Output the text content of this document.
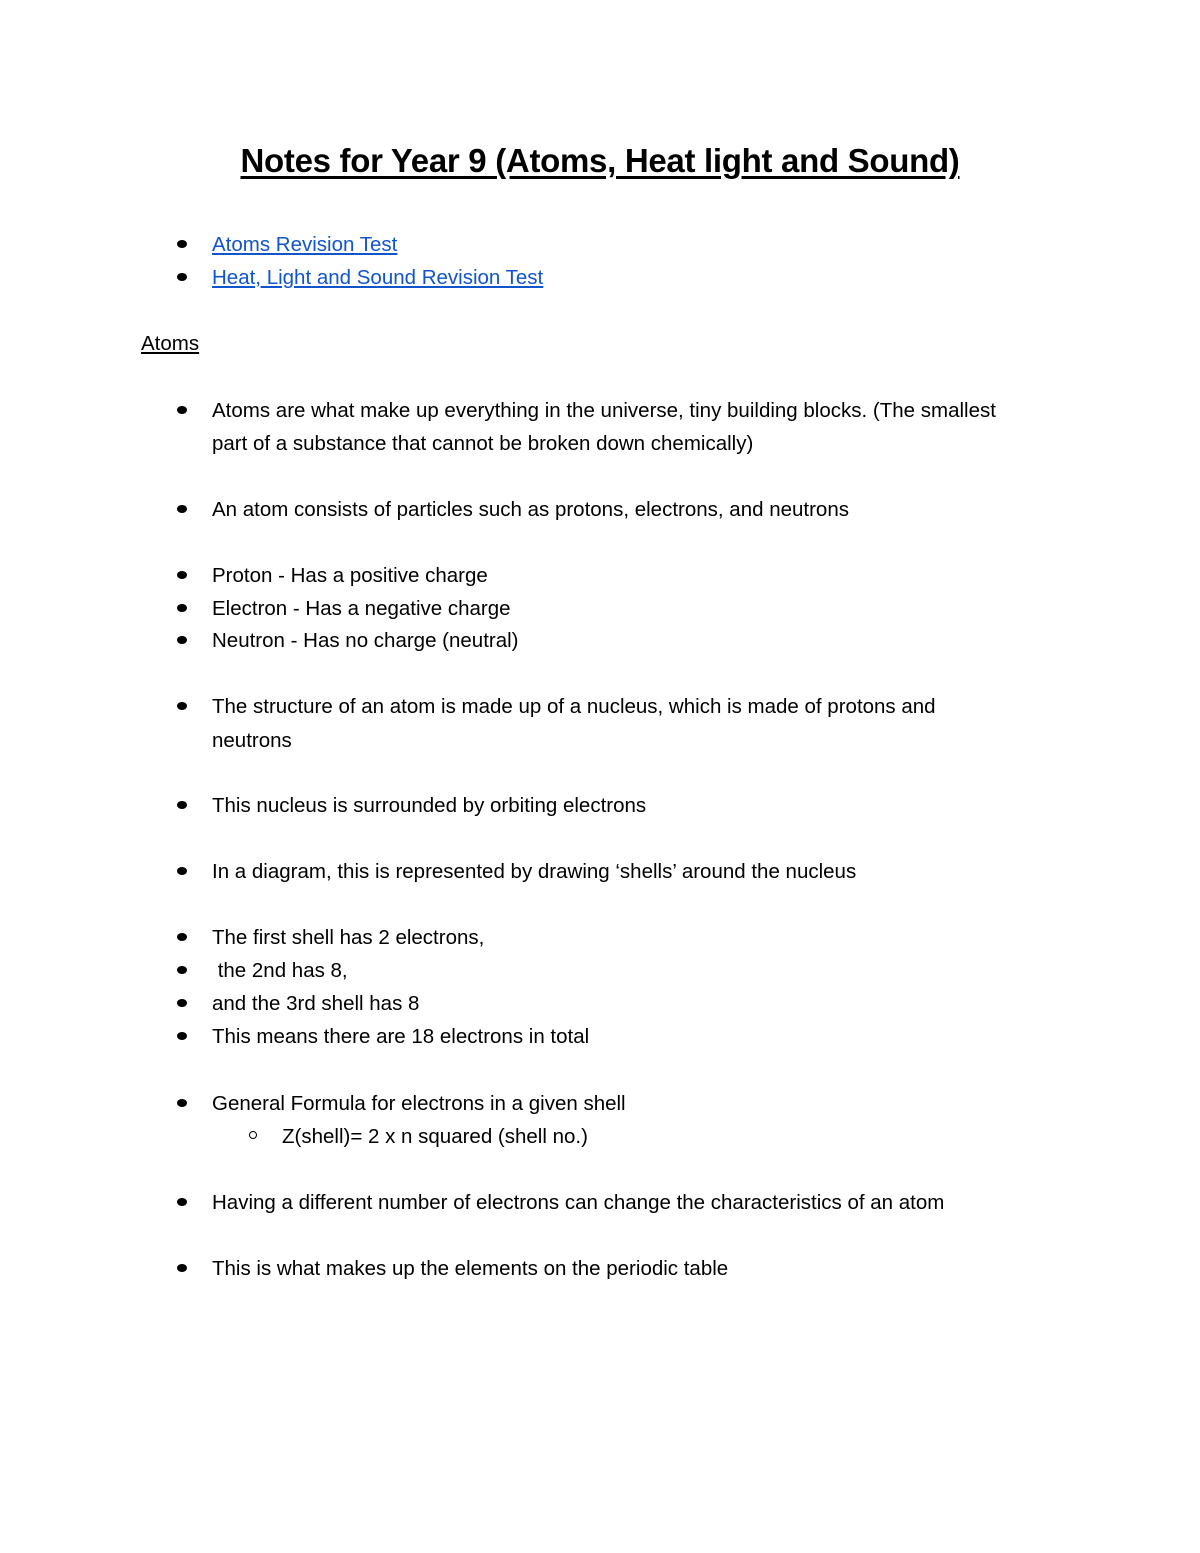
Notes for Year 9 (Atoms, Heat light and Sound)
Atoms Revision Test
Heat, Light and Sound Revision Test
Atoms
Atoms are what make up everything in the universe, tiny building blocks. (The smallest
part of a substance that cannot be broken down chemically)
An atom consists of particles such as protons, electrons, and neutrons
Proton - Has a positive charge
Electron - Has a negative charge
Neutron - Has no charge (neutral)
The structure of an atom is made up of a nucleus, which is made of protons and
neutrons
This nucleus is surrounded by orbiting electrons
In a diagram, this is represented by drawing ‘shells’ around the nucleus
The first shell has 2 electrons,
the 2nd has 8,
and the 3rd shell has 8
This means there are 18 electrons in total
General Formula for electrons in a given shell
Z(shell)= 2 x n squared (shell no.)
Having a different number of electrons can change the characteristics of an atom
This is what makes up the elements on the periodic table
